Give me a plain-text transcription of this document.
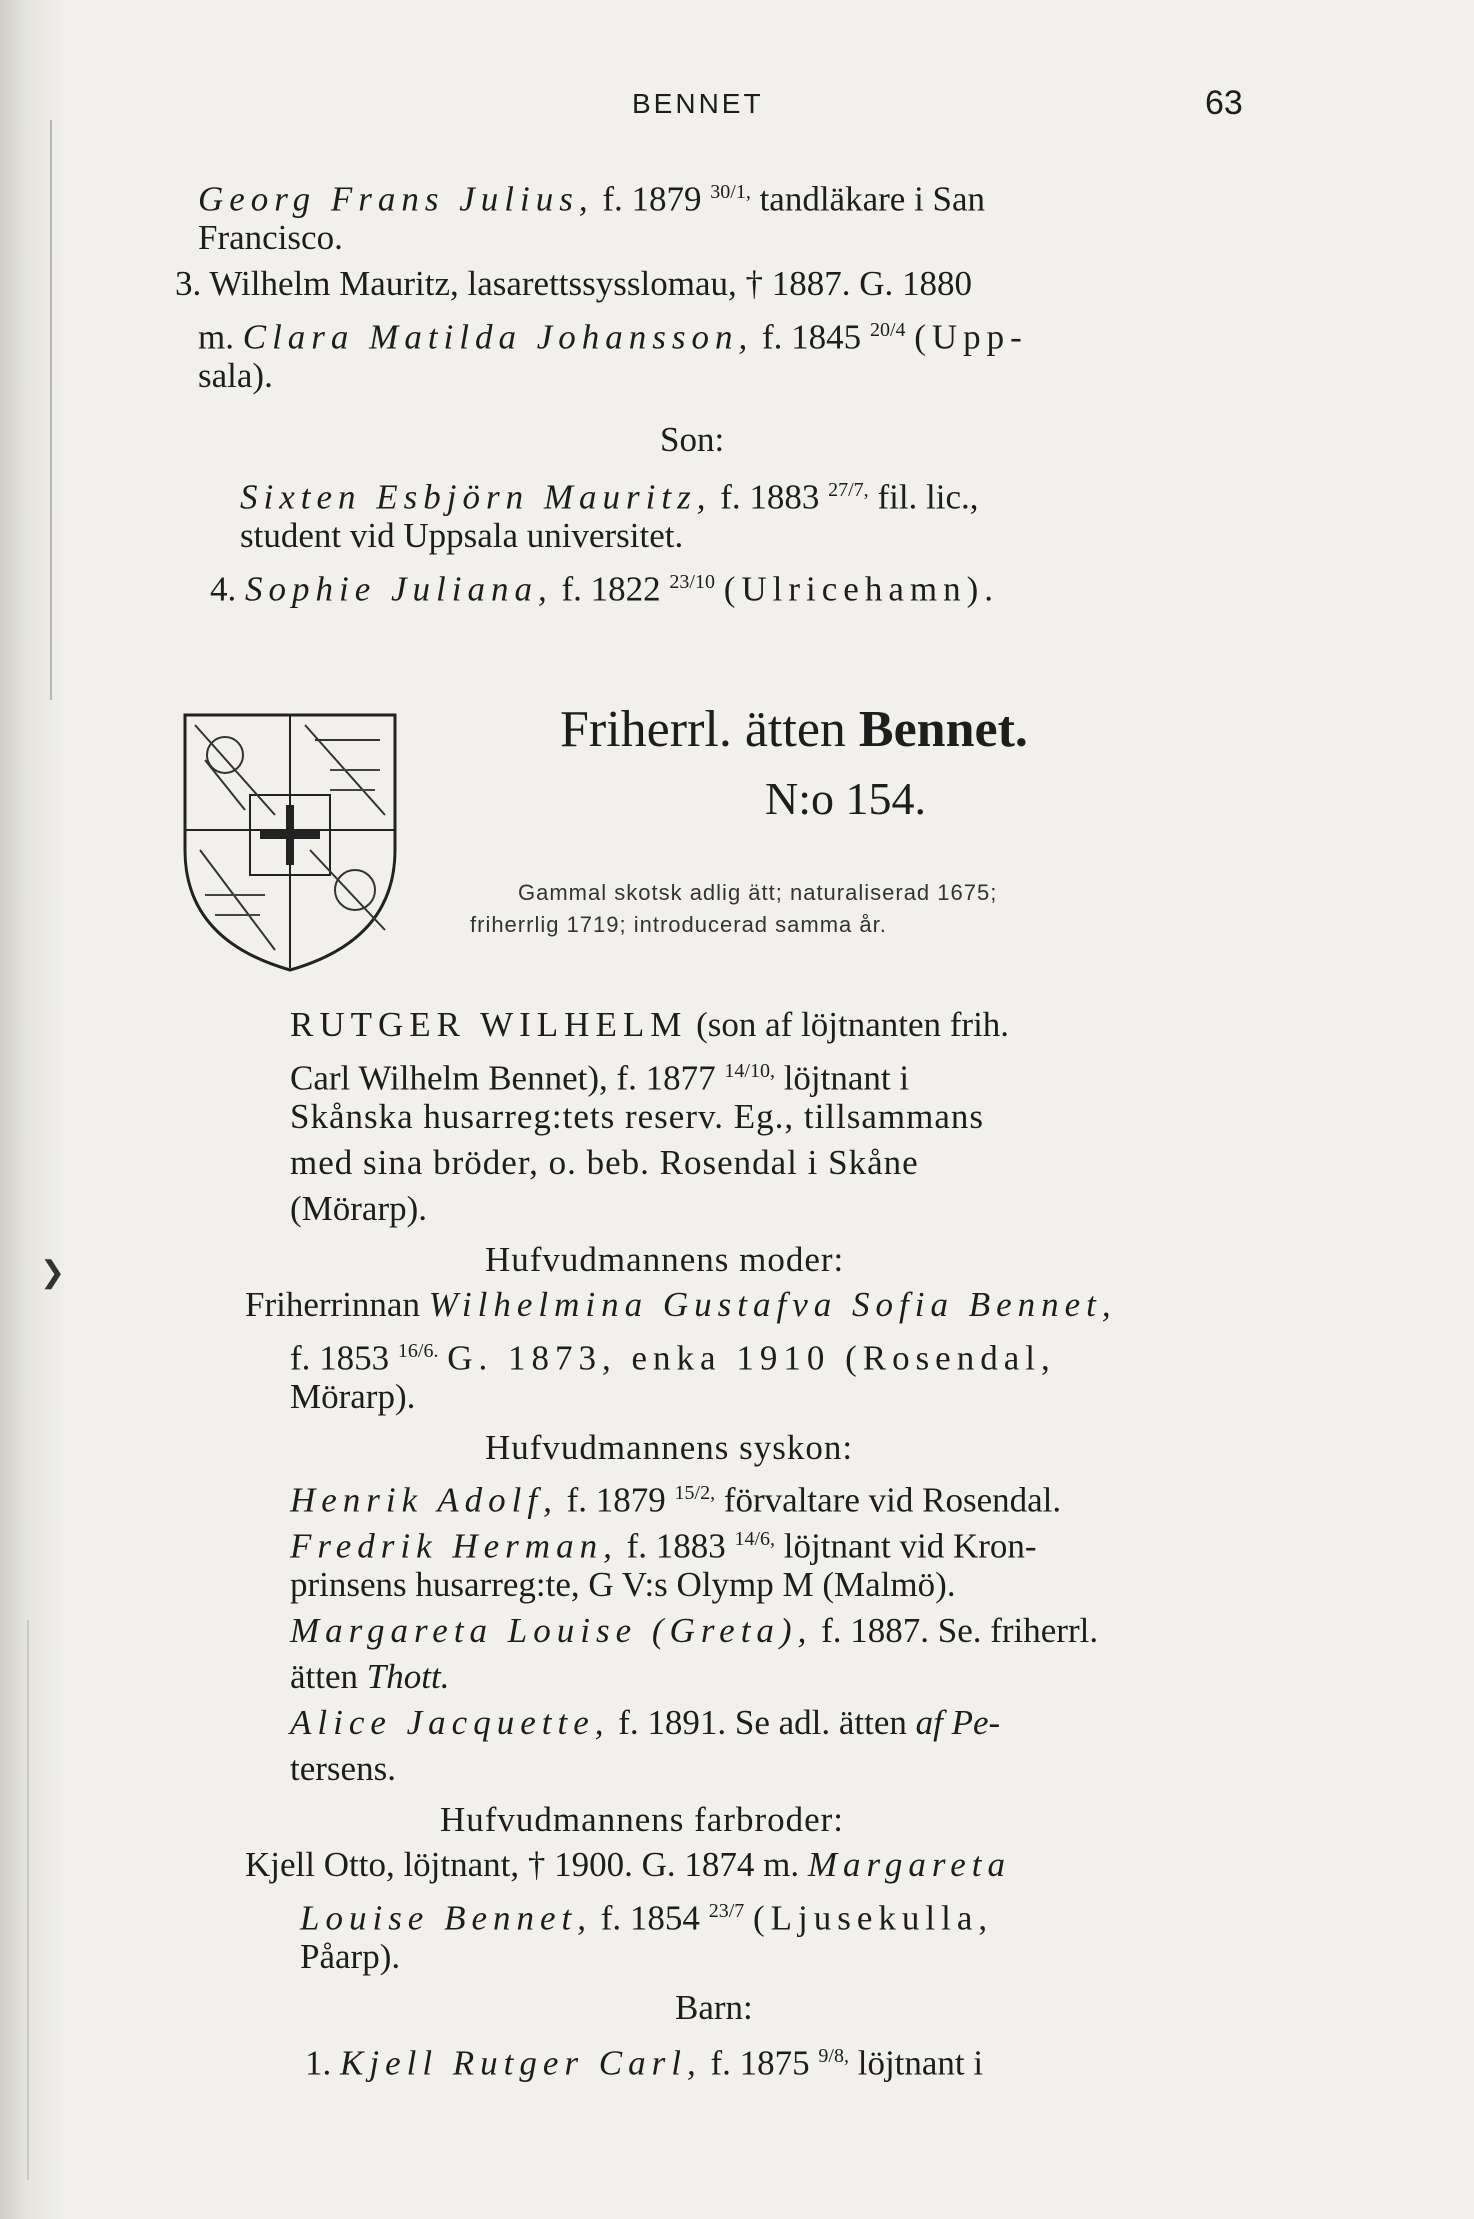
❯
BENNET	63
Georg Frans Julius, f. 1879 $^{30/1,}$ tandläkare i San
Francisco.
3. Wilhelm Mauritz, lasarettssysslomau, † 1887. G. 1880
m. Clara Matilda Johansson, f. 1845 $^{20/4}$ (Upp-
sala).
Son:
Sixten Esbjörn Mauritz, f. 1883 $^{27/7,}$ fil. lic.,
student vid Uppsala universitet.
4. Sophie Juliana, f. 1822 $^{23/10}$ (Ulricehamn).
Friherrl. ätten Bennet.
N:o 154.
Gammal skotsk adlig ätt; naturaliserad 1675;
friherrlig 1719; introducerad samma år.
RUTGER WILHELM (son af löjtnanten frih.
Carl Wilhelm Bennet), f. 1877 $^{14/10,}$ löjtnant i
Skånska husarreg:tets reserv. Eg., tillsammans
med sina bröder, o. beb. Rosendal i Skåne
(Mörarp).
Hufvudmannens moder:
Friherrinnan Wilhelmina Gustafva Sofia Bennet,
f. 1853 $^{16/6.}$ G. 1873, enka 1910 (Rosendal,
Mörarp).
Hufvudmannens syskon:
Henrik Adolf, f. 1879 $^{15/2,}$ förvaltare vid Rosendal.
Fredrik Herman, f. 1883 $^{14/6,}$ löjtnant vid Kron-
prinsens husarreg:te, G V:s Olymp M (Malmö).
Margareta Louise (Greta), f. 1887. Se. friherrl.
ätten Thott.
Alice Jacquette, f. 1891. Se adl. ätten af Pe-
tersens.
Hufvudmannens farbroder:
Kjell Otto, löjtnant, † 1900. G. 1874 m. Margareta
Louise Bennet, f. 1854 $^{23/7}$ (Ljusekulla,
Påarp).
Barn:
1. Kjell Rutger Carl, f. 1875 $^{9/8,}$ löjtnant i
